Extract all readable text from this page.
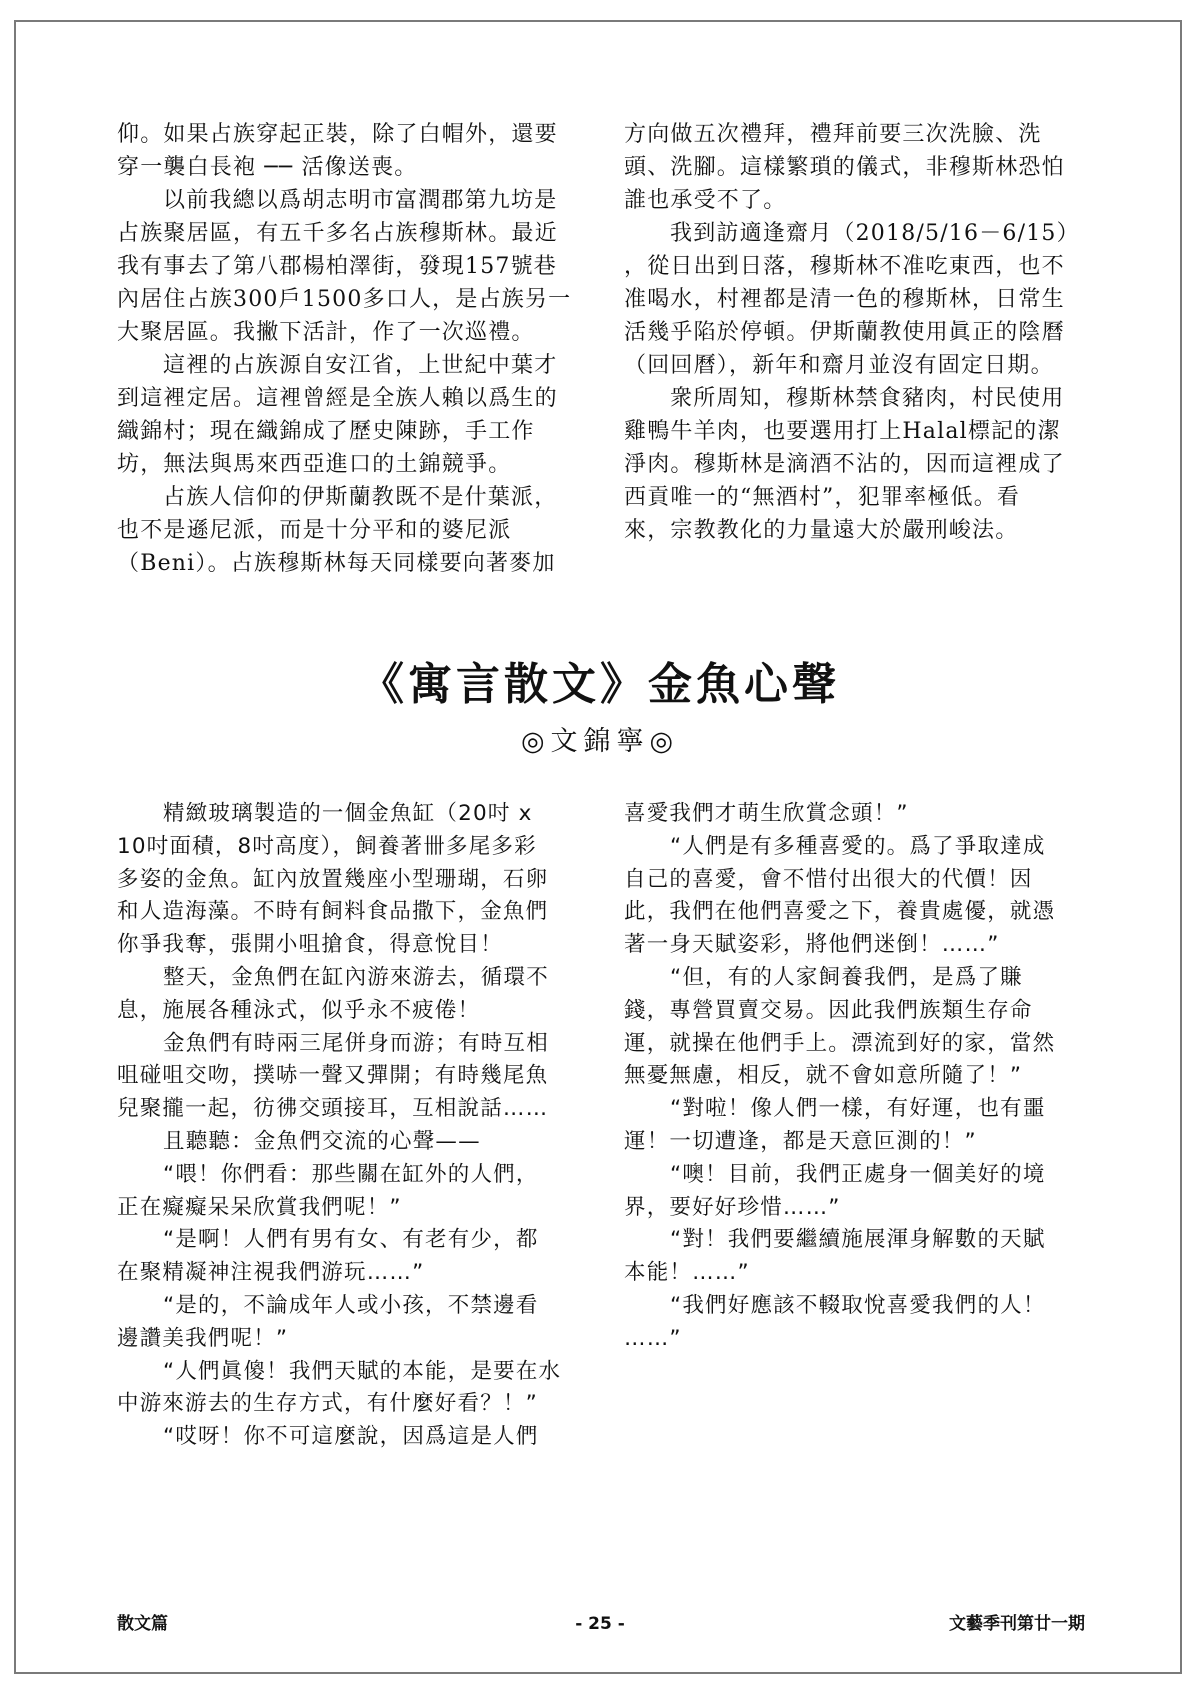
仰。如果占族穿起正裝，除了白帽外，還要
穿一襲白長袍 ── 活像送喪。
以前我總以爲胡志明市富潤郡第九坊是
占族聚居區，有五千多名占族穆斯林。最近
我有事去了第八郡楊柏澤街，發現157號巷
內居住占族300戶1500多口人，是占族另一
大聚居區。我撇下活計，作了一次巡禮。
這裡的占族源自安江省，上世紀中葉才
到這裡定居。這裡曾經是全族人賴以爲生的
織錦村；現在織錦成了歷史陳跡，手工作
坊，無法與馬來西亞進口的土錦競爭。
占族人信仰的伊斯蘭教既不是什葉派，
也不是遜尼派，而是十分平和的婆尼派
（Beni）。占族穆斯林每天同樣要向著麥加
方向做五次禮拜，禮拜前要三次洗臉、洗
頭、洗腳。這樣繁瑣的儀式，非穆斯林恐怕
誰也承受不了。
我到訪適逢齋月（2018/5/16－6/15）
，從日出到日落，穆斯林不准吃東西，也不
准喝水，村裡都是清一色的穆斯林，日常生
活幾乎陷於停頓。伊斯蘭教使用眞正的陰曆
（回回曆），新年和齋月並沒有固定日期。
衆所周知，穆斯林禁食豬肉，村民使用
雞鴨牛羊肉，也要選用打上Halal標記的潔
淨肉。穆斯林是滴酒不沾的，因而這裡成了
西貢唯一的“無酒村”，犯罪率極低。看
來，宗教教化的力量遠大於嚴刑峻法。
《寓言散文》金魚心聲
◎文錦寧◎
精緻玻璃製造的一個金魚缸（20吋 x
10吋面積，8吋高度），飼養著卌多尾多彩
多姿的金魚。缸內放置幾座小型珊瑚，石卵
和人造海藻。不時有飼料食品撒下，金魚們
你爭我奪，張開小咀搶食，得意悅目！
整天，金魚們在缸內游來游去，循環不
息，施展各種泳式，似乎永不疲倦！
金魚們有時兩三尾併身而游；有時互相
咀碰咀交吻，撲哧一聲又彈開；有時幾尾魚
兒聚攏一起，彷彿交頭接耳，互相說話……
且聽聽：金魚們交流的心聲——
“喂！你們看：那些關在缸外的人們，
正在癡癡呆呆欣賞我們呢！”
“是啊！人們有男有女、有老有少，都
在聚精凝神注視我們游玩……”
“是的，不論成年人或小孩，不禁邊看
邊讚美我們呢！”
“人們眞傻！我們天賦的本能，是要在水
中游來游去的生存方式，有什麼好看？！”
“哎呀！你不可這麼說，因爲這是人們
喜愛我們才萌生欣賞念頭！”
“人們是有多種喜愛的。爲了爭取達成
自己的喜愛，會不惜付出很大的代價！因
此，我們在他們喜愛之下，養貴處優，就憑
著一身天賦姿彩，將他們迷倒！……”
“但，有的人家飼養我們，是爲了賺
錢，專營買賣交易。因此我們族類生存命
運，就操在他們手上。漂流到好的家，當然
無憂無慮，相反，就不會如意所隨了！”
“對啦！像人們一樣，有好運，也有噩
運！一切遭逢，都是天意叵測的！”
“噢！目前，我們正處身一個美好的境
界，要好好珍惜……”
“對！我們要繼續施展渾身解數的天賦
本能！……”
“我們好應該不輟取悅喜愛我們的人！
……”
散文篇	- 25 -	文藝季刊第廿一期
